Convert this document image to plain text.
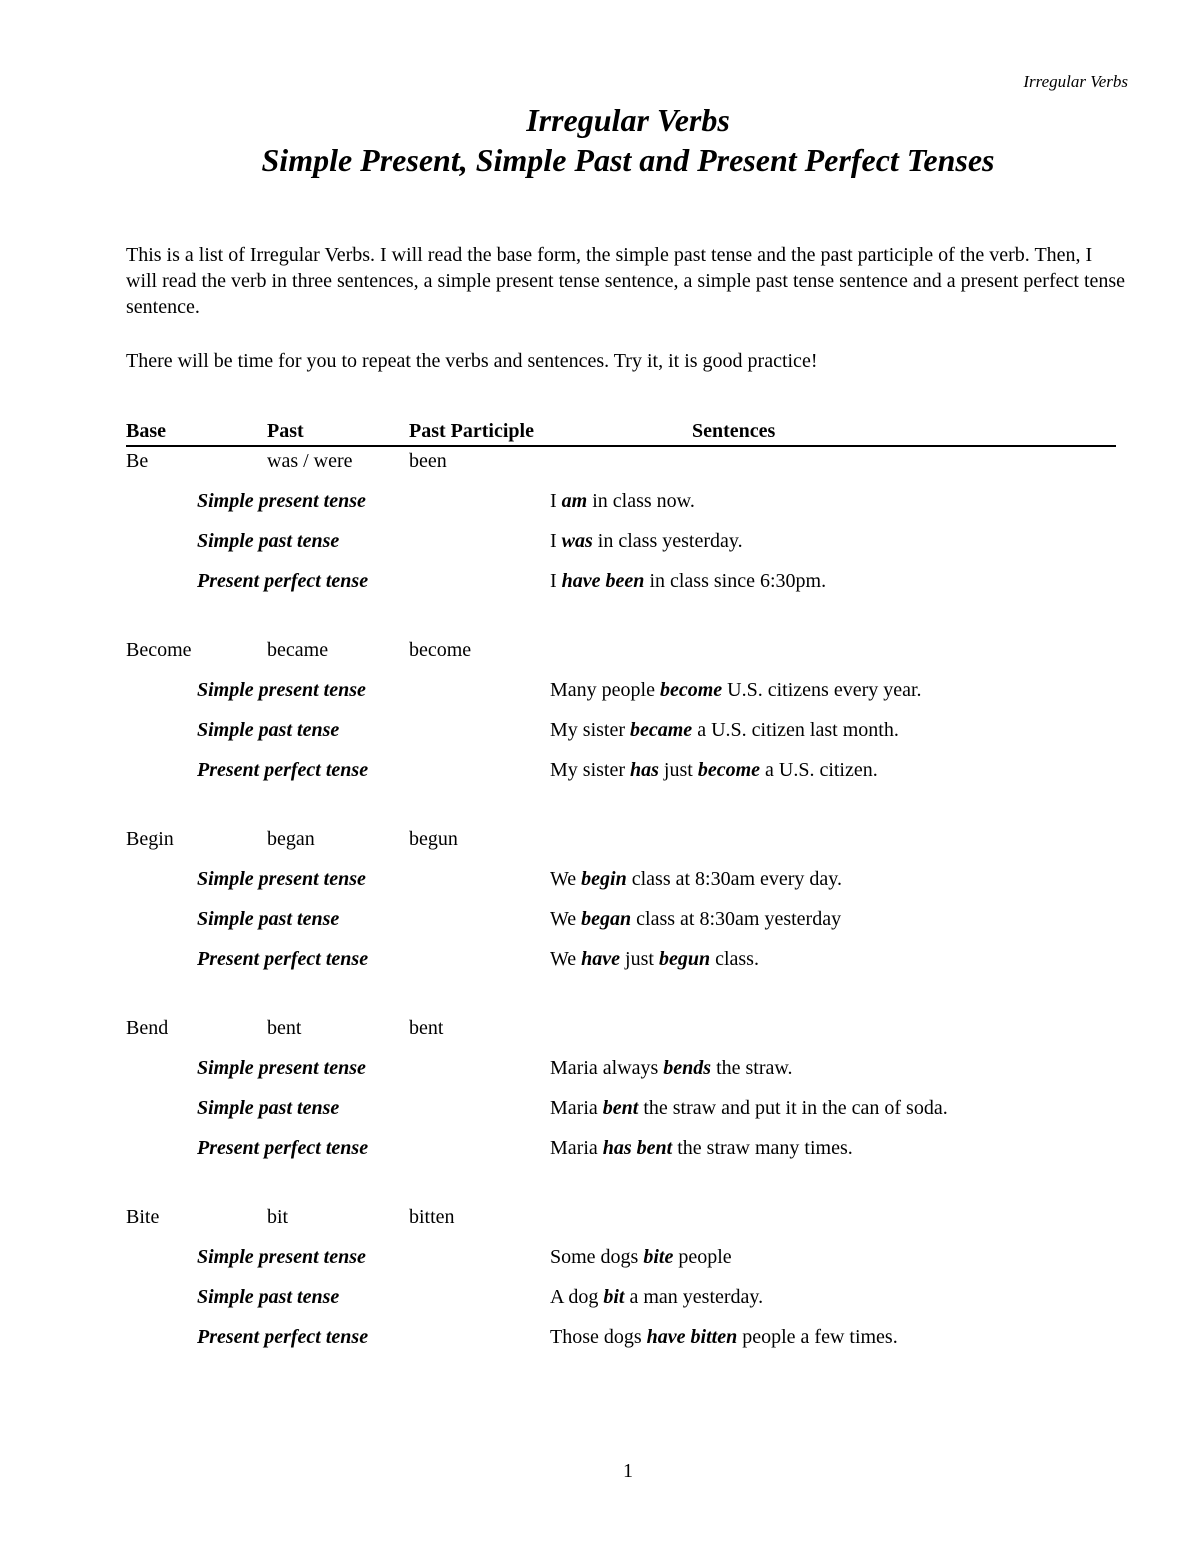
Irregular Verbs
Irregular Verbs
Simple Present, Simple Past and Present Perfect Tenses

This is a list of Irregular Verbs. I will read the base form, the simple past tense and the past participle of the verb. Then, I will read the verb in three sentences, a simple present tense sentence, a simple past tense sentence and a present perfect tense sentence.

There will be time for you to repeat the verbs and sentences. Try it, it is good practice!

Base	Past	Past Participle	Sentences
Be	was / were	been
Simple present tense	I am in class now.
Simple past tense	I was in class yesterday.
Present perfect tense	I have been in class since 6:30pm.
Become	became	become
Simple present tense	Many people become U.S. citizens every year.
Simple past tense	My sister became a U.S. citizen last month.
Present perfect tense	My sister has just become a U.S. citizen.
Begin	began	begun
Simple present tense	We begin class at 8:30am every day.
Simple past tense	We began class at 8:30am yesterday
Present perfect tense	We have just begun class.
Bend	bent	bent
Simple present tense	Maria always bends the straw.
Simple past tense	Maria bent the straw and put it in the can of soda.
Present perfect tense	Maria has bent the straw many times.
Bite	bit	bitten
Simple present tense	Some dogs bite people
Simple past tense	A dog bit a man yesterday.
Present perfect tense	Those dogs have bitten people a few times.
1
